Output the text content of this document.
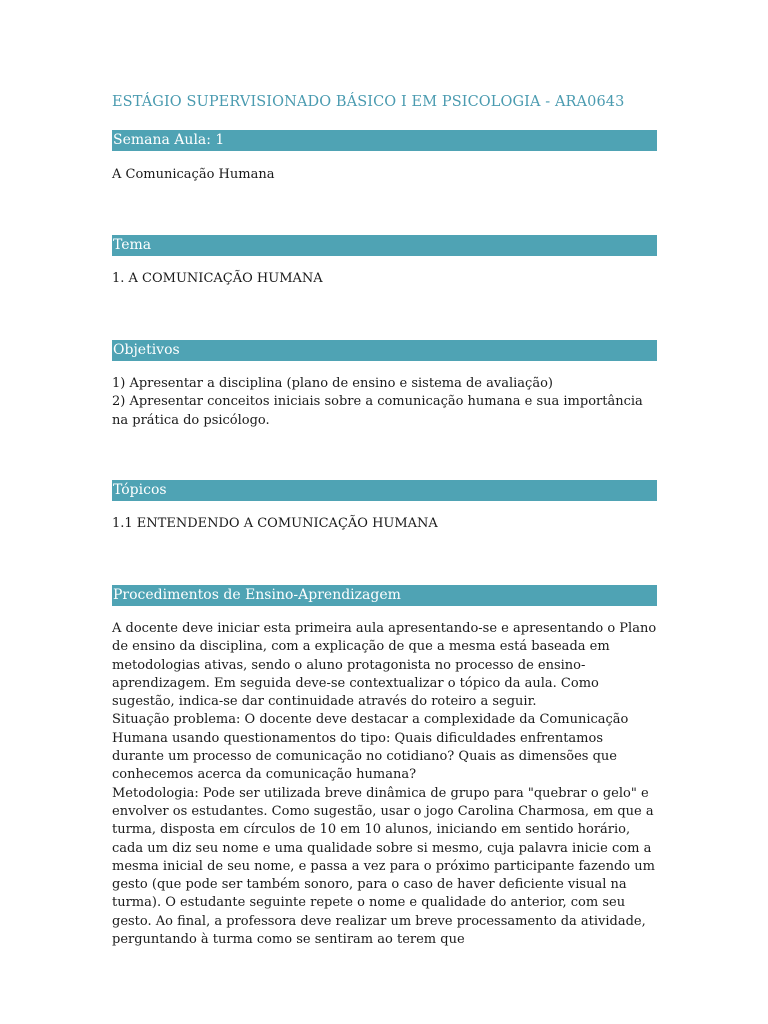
ESTÁGIO SUPERVISIONADO BÁSICO I EM PSICOLOGIA - ARA0643
Semana Aula: 1
A Comunicação Humana
Tema
1. A COMUNICAÇÃO HUMANA
Objetivos
1) Apresentar a disciplina (plano de ensino e sistema de avaliação)
2) Apresentar conceitos iniciais sobre a comunicação humana e sua importância na prática do psicólogo.
Tópicos
1.1 ENTENDENDO A COMUNICAÇÃO HUMANA
Procedimentos de Ensino-Aprendizagem
A docente deve iniciar esta primeira aula apresentando-se e apresentando o Plano de ensino da disciplina, com a explicação de que a mesma está baseada em metodologias ativas, sendo o aluno protagonista no processo de ensino-aprendizagem. Em seguida deve-se contextualizar o tópico da aula. Como sugestão, indica-se dar continuidade através do roteiro a seguir.
Situação problema: O docente deve destacar a complexidade da Comunicação Humana usando questionamentos do tipo: Quais dificuldades enfrentamos durante um processo de comunicação no cotidiano? Quais as dimensões que conhecemos acerca da comunicação humana?
Metodologia: Pode ser utilizada breve dinâmica de grupo para "quebrar o gelo" e envolver os estudantes. Como sugestão, usar o jogo Carolina Charmosa, em que a turma, disposta em círculos de 10 em 10 alunos, iniciando em sentido horário, cada um diz seu nome e uma qualidade sobre si mesmo, cuja palavra inicie com a mesma inicial de seu nome, e passa a vez para o próximo participante fazendo um gesto (que pode ser também sonoro, para o caso de haver deficiente visual na turma). O estudante seguinte repete o nome e qualidade do anterior, com seu gesto. Ao final, a professora deve realizar um breve processamento da atividade, perguntando à turma como se sentiram ao terem que
